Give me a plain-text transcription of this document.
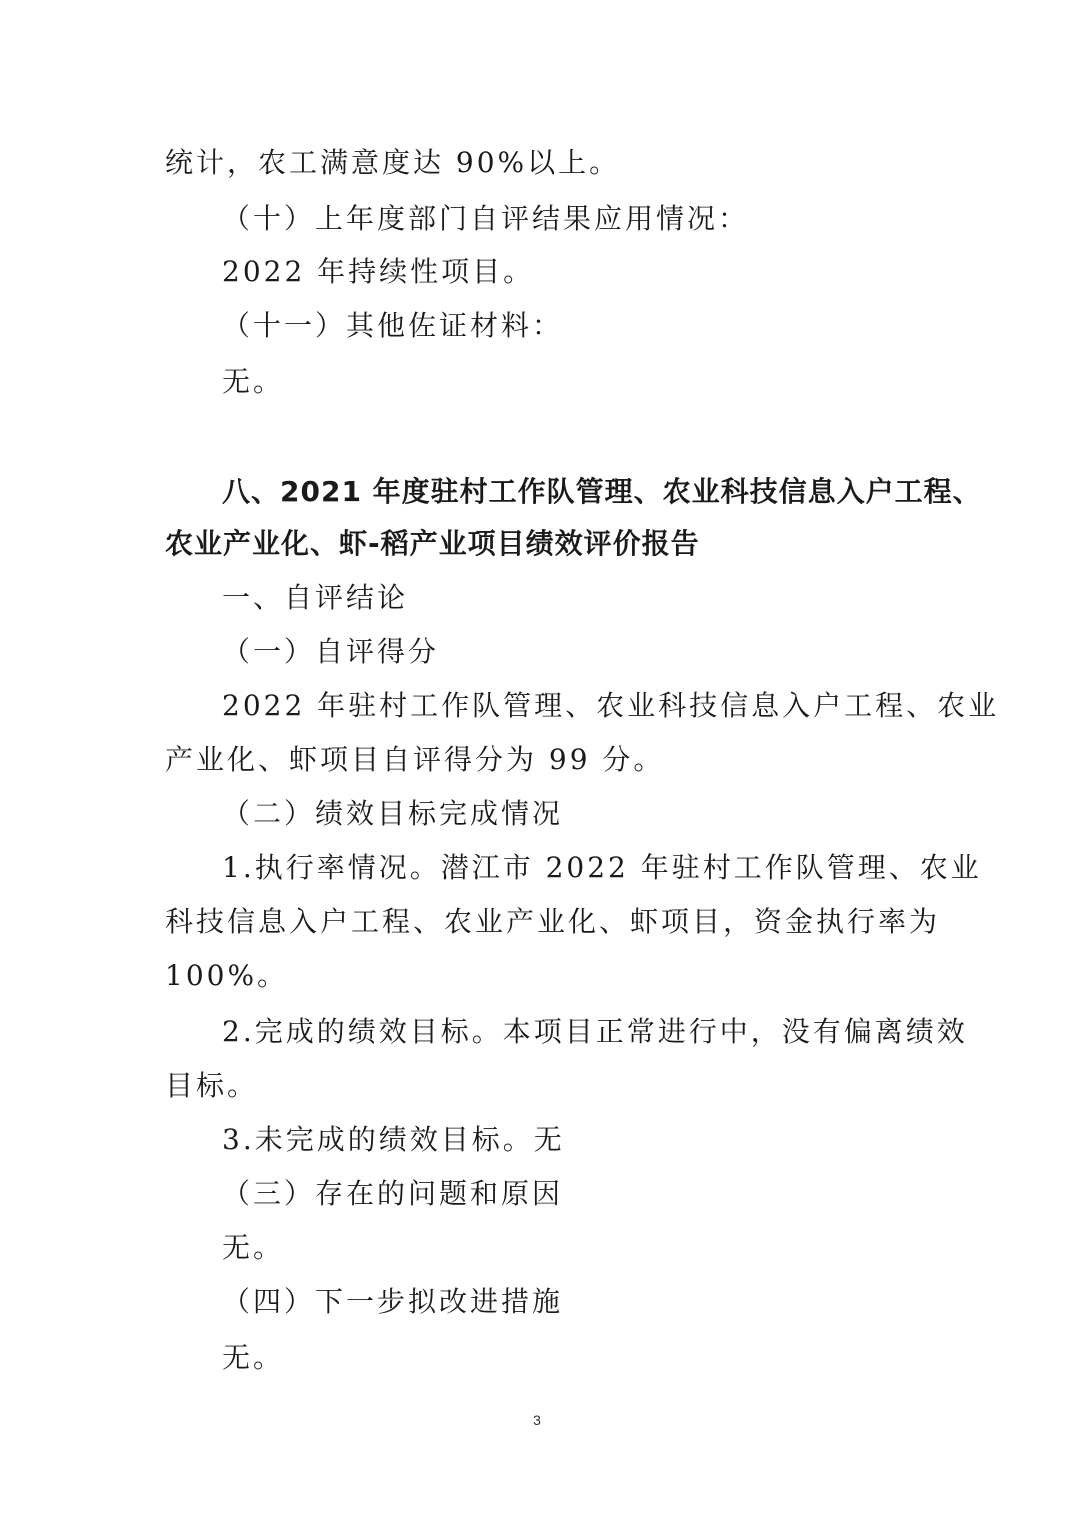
统计，农工满意度达 90%以上。
（十）上年度部门自评结果应用情况：
2022 年持续性项目。
（十一）其他佐证材料：
无。
八、2021 年度驻村工作队管理、农业科技信息入户工程、
农业产业化、虾-稻产业项目绩效评价报告
一、自评结论
（一）自评得分
2022 年驻村工作队管理、农业科技信息入户工程、农业
产业化、虾项目自评得分为 99 分。
（二）绩效目标完成情况
1.执行率情况。潜江市 2022 年驻村工作队管理、农业
科技信息入户工程、农业产业化、虾项目，资金执行率为
100%。
2.完成的绩效目标。本项目正常进行中，没有偏离绩效
目标。
3.未完成的绩效目标。无
（三）存在的问题和原因
无。
（四）下一步拟改进措施
无。
3
